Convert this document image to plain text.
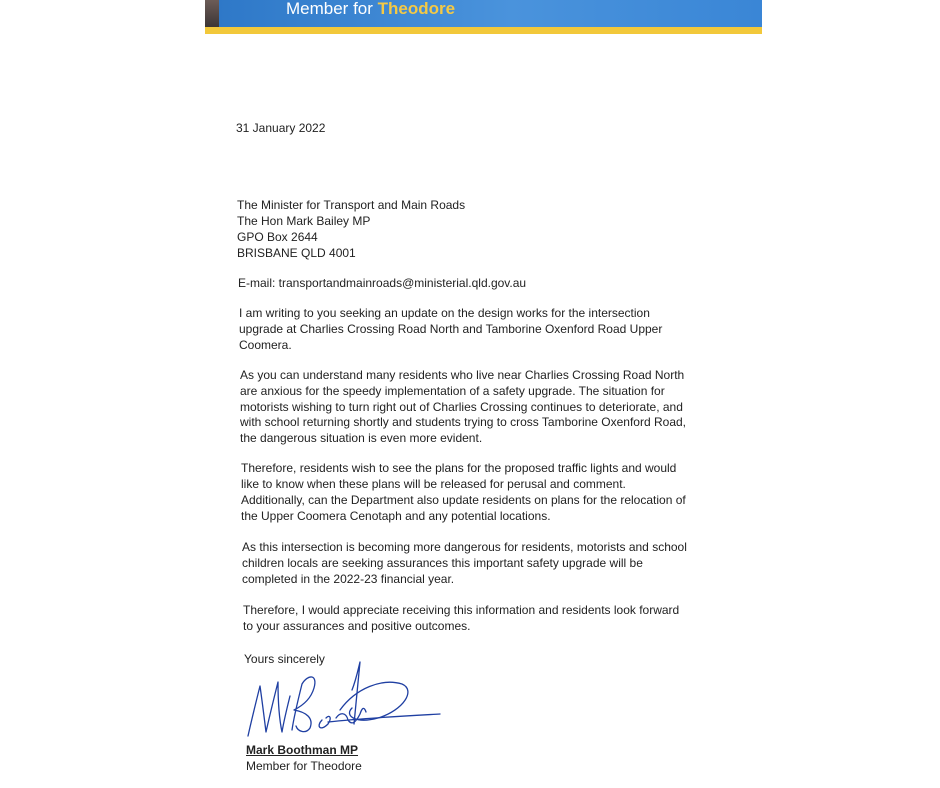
Member for Theodore
31 January 2022
The Minister for Transport and Main Roads
The Hon Mark Bailey MP
GPO Box 2644
BRISBANE QLD 4001
E-mail: transportandmainroads@ministerial.qld.gov.au
I am writing to you seeking an update on the design works for the intersection
upgrade at Charlies Crossing Road North and Tamborine Oxenford Road Upper
Coomera.
As you can understand many residents who live near Charlies Crossing Road North
are anxious for the speedy implementation of a safety upgrade. The situation for
motorists wishing to turn right out of Charlies Crossing continues to deteriorate, and
with school returning shortly and students trying to cross Tamborine Oxenford Road,
the dangerous situation is even more evident.
Therefore, residents wish to see the plans for the proposed traffic lights and would
like to know when these plans will be released for perusal and comment.
Additionally, can the Department also update residents on plans for the relocation of
the Upper Coomera Cenotaph and any potential locations.
As this intersection is becoming more dangerous for residents, motorists and school
children locals are seeking assurances this important safety upgrade will be
completed in the 2022-23 financial year.
Therefore, I would appreciate receiving this information and residents look forward
to your assurances and positive outcomes.
Yours sincerely
Mark Boothman MP
Member for Theodore
